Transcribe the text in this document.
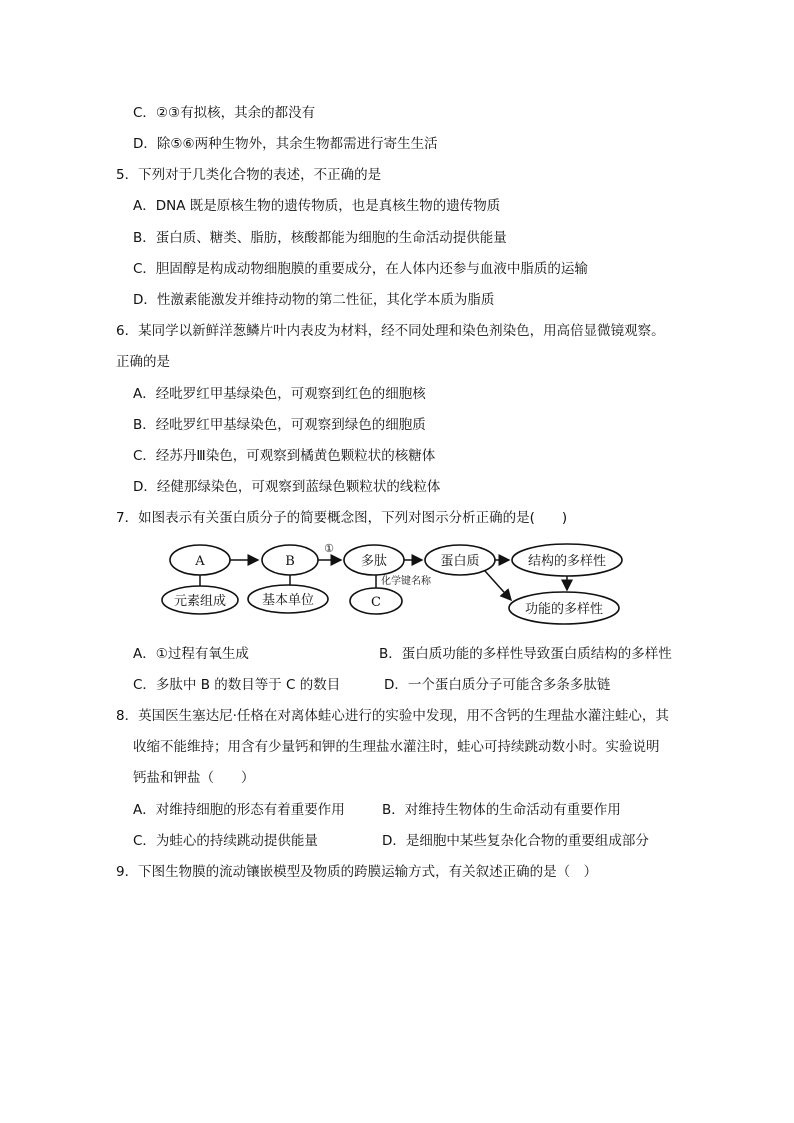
C．②③有拟核，其余的都没有
D．除⑤⑥两种生物外，其余生物都需进行寄生生活
5．下列对于几类化合物的表述，不正确的是
A．DNA 既是原核生物的遗传物质，也是真核生物的遗传物质
B．蛋白质、糖类、脂肪，核酸都能为细胞的生命活动提供能量
C．胆固醇是构成动物细胞膜的重要成分，在人体内还参与血液中脂质的运输
D．性激素能激发并维持动物的第二性征，其化学本质为脂质
6．某同学以新鲜洋葱鳞片叶内表皮为材料，经不同处理和染色剂染色，用高倍显微镜观察。
正确的是
A．经吡罗红甲基绿染色，可观察到红色的细胞核
B．经吡罗红甲基绿染色，可观察到绿色的细胞质
C．经苏丹Ⅲ染色，可观察到橘黄色颗粒状的核糖体
D．经健那绿染色，可观察到蓝绿色颗粒状的线粒体
7．如图表示有关蛋白质分子的简要概念图，下列对图示分析正确的是(　　)
A	B
①
多肽	蛋白质	结构的多样性
元素组成	基本单位
化学键名称
C	功能的多样性
A．①过程有氧生成	B．蛋白质功能的多样性导致蛋白质结构的多样性
C．多肽中 B 的数目等于 C 的数目	D．一个蛋白质分子可能含多条多肽链
8．英国医生塞达尼·任格在对离体蛙心进行的实验中发现，用不含钙的生理盐水灌注蛙心，其
收缩不能维持；用含有少量钙和钾的生理盐水灌注时，蛙心可持续跳动数小时。实验说明
钙盐和钾盐（　　）
A．对维持细胞的形态有着重要作用	B．对维持生物体的生命活动有重要作用
C．为蛙心的持续跳动提供能量	D．是细胞中某些复杂化合物的重要组成部分
9．下图生物膜的流动镶嵌模型及物质的跨膜运输方式，有关叙述正确的是（　）
